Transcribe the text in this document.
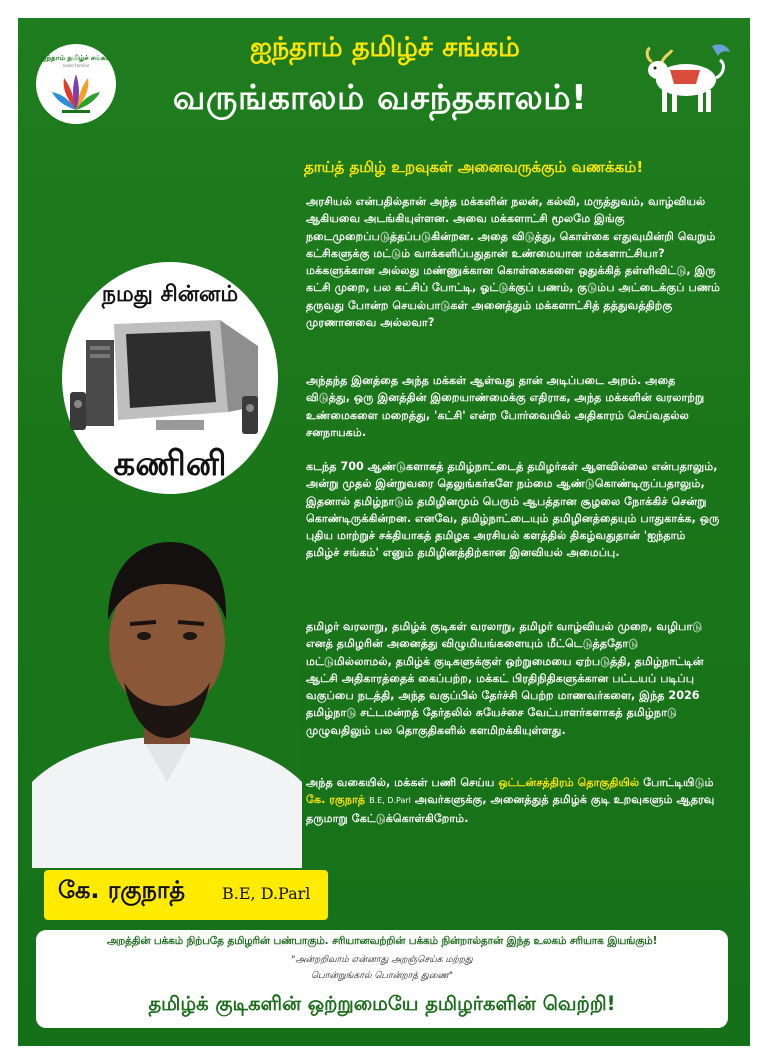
ஐந்தாம் தமிழ்ச் சங்கம்
naam tamilar
ஐந்தாம் தமிழ்ச் சங்கம்
வருங்காலம் வசந்தகாலம்!
தாய்த் தமிழ் உறவுகள் அனைவருக்கும் வணக்கம்!
அரசியல் என்பதில்தான் அந்த மக்களின் நலன், கல்வி, மருத்துவம், வாழ்வியல் ஆகியவை அடங்கியுள்ளன. அவை மக்களாட்சி மூலமே இங்கு நடைமுறைப்படுத்தப்படுகின்றன. அதை விடுத்து, கொள்கை எதுவுமின்றி வெறும் கட்சிகளுக்கு மட்டும் வாக்களிப்பதுதான் உண்மையான மக்களாட்சியா? மக்களுக்கான அல்லது மண்ணுக்கான கொள்கைகளை ஒதுக்கித் தள்ளிவிட்டு, இரு கட்சி முறை, பல கட்சிப் போட்டி, ஓட்டுக்குப் பணம், குடும்ப அட்டைக்குப் பணம் தருவது போன்ற செயல்பாடுகள் அனைத்தும் மக்களாட்சித் தத்துவத்திற்கு முரணானவை அல்லவா?
அந்தந்த இனத்தை அந்த மக்கள் ஆள்வது தான் அடிப்படை அறம். அதை விடுத்து, ஒரு இனத்தின் இறையாண்மைக்கு எதிராக, அந்த மக்களின் வரலாற்று உண்மைகளை மறைத்து, 'கட்சி' என்ற போர்வையில் அதிகாரம் செய்வதல்ல சனநாயகம்.
கடந்த 700 ஆண்டுகளாகத் தமிழ்நாட்டைத் தமிழர்கள் ஆளவில்லை என்பதாலும், அன்று முதல் இன்றுவரை தெலுங்கர்களே நம்மை ஆண்டுகொண்டிருப்பதாலும், இதனால் தமிழ்நாடும் தமிழினமும் பெரும் ஆபத்தான சூழலை நோக்கிச் சென்று கொண்டிருக்கின்றன. எனவே, தமிழ்நாட்டையும் தமிழினத்தையும் பாதுகாக்க, ஒரு புதிய மாற்றுச் சக்தியாகத் தமிழக அரசியல் களத்தில் திகழ்வதுதான் 'ஐந்தாம் தமிழ்ச் சங்கம்' எனும் தமிழினத்திற்கான இனவியல் அமைப்பு.
தமிழர் வரலாறு, தமிழ்க் குடிகள் வரலாறு, தமிழர் வாழ்வியல் முறை, வழிபாடு எனத் தமிழரின் அனைத்து விழுமியங்களையும் மீட்டெடுத்ததோடு மட்டுமில்லாமல், தமிழ்க் குடிகளுக்குள் ஒற்றுமையை ஏற்படுத்தி, தமிழ்நாட்டின் ஆட்சி அதிகாரத்தைக் கைப்பற்ற, மக்கட் பிரதிநிதிகளுக்கான பட்டயப் படிப்பு வகுப்பை நடத்தி, அந்த வகுப்பில் தேர்ச்சி பெற்ற மாணவர்களை, இந்த 2026 தமிழ்நாடு சட்டமன்றத் தேர்தலில் சுயேச்சை வேட்பாளர்களாகத் தமிழ்நாடு முழுவதிலும் பல தொகுதிகளில் களமிறக்கியுள்ளது.
அந்த வகையில், மக்கள் பணி செய்ய ஒட்டன்சத்திரம் தொகுதியில் போட்டியிடும் கே. ரகுநாத் B.E, D.Parl அவர்களுக்கு, அனைத்துத் தமிழ்க் குடி உறவுகளும் ஆதரவு தருமாறு கேட்டுக்கொள்கிறோம்.
நமது சின்னம்
கணினி
கே. ரகுநாத் B.E, D.Parl
அறத்தின் பக்கம் நிற்பதே தமிழரின் பண்பாகும். சரியானவற்றின் பக்கம் நின்றால்தான் இந்த உலகம் சரியாக இயங்கும்!
"அன்றறிவாம் என்னாது அறஞ்செய்க மற்றது
பொன்றுங்கால் பொன்றாத் துணை"
தமிழ்க் குடிகளின் ஒற்றுமையே தமிழர்களின் வெற்றி!
